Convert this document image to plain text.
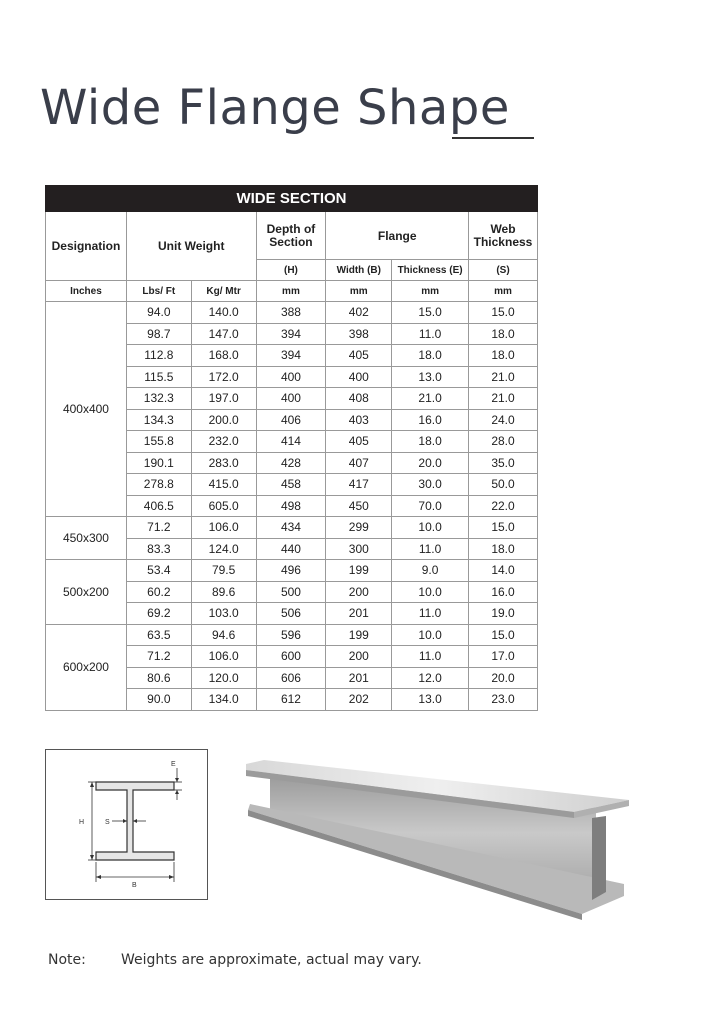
Wide Flange Shape
WIDE SECTION						
Designation	Unit Weight		Depth of Section	Flange		Web Thickness

			(H)	Width (B)	Thickness (E)	(S)
Inches	Lbs/ Ft	Kg/ Mtr	mm	mm	mm	mm
400x400	94.0	140.0	388	402	15.0	15.0
	98.7	147.0	394	398	11.0	18.0
	112.8	168.0	394	405	18.0	18.0
	115.5	172.0	400	400	13.0	21.0
	132.3	197.0	400	408	21.0	21.0
	134.3	200.0	406	403	16.0	24.0
	155.8	232.0	414	405	18.0	28.0
	190.1	283.0	428	407	20.0	35.0
	278.8	415.0	458	417	30.0	50.0
	406.5	605.0	498	450	70.0	22.0
450x300	71.2	106.0	434	299	10.0	15.0
	83.3	124.0	440	300	11.0	18.0
500x200	53.4	79.5	496	199	9.0	14.0
	60.2	89.6	500	200	10.0	16.0
	69.2	103.0	506	201	11.0	19.0
600x200	63.5	94.6	596	199	10.0	15.0
	71.2	106.0	600	200	11.0	17.0
	80.6	120.0	606	201	12.0	20.0
	90.0	134.0	612	202	13.0	23.0
E
H	S
B
Note:	Weights are approximate, actual may vary.
